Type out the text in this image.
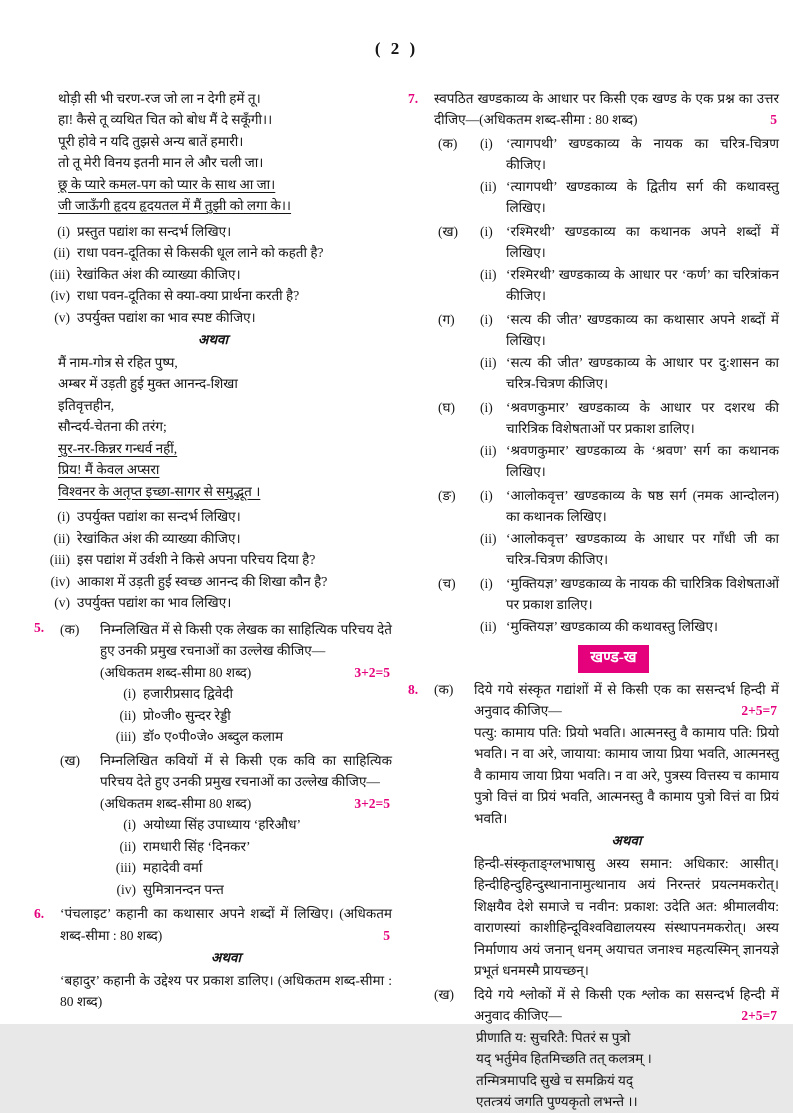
( 2 )
थोड़ी सी भी चरण-रज जो ला न देगी हमें तू।
हा! कैसे तू व्यथित चित को बोध मैं दे सकूँगी।।
पूरी होवे न यदि तुझसे अन्य बातें हमारी।
तो तू मेरी विनय इतनी मान ले और चली जा।
छू के प्यारे कमल-पग को प्यार के साथ आ जा।
जी जाऊँगी हृदय हृदयतल में मैं तुझी को लगा के।।
(i) प्रस्तुत पद्यांश का सन्दर्भ लिखिए।
(ii) राधा पवन-दूतिका से किसकी धूल लाने को कहती है?
(iii) रेखांकित अंश की व्याख्या कीजिए।
(iv) राधा पवन-दूतिका से क्या-क्या प्रार्थना करती है?
(v) उपर्युक्त पद्यांश का भाव स्पष्ट कीजिए।
अथवा
मैं नाम-गोत्र से रहित पुष्प,
अम्बर में उड़ती हुई मुक्त आनन्द-शिखा
इतिवृत्तहीन,
सौन्दर्य-चेतना की तरंग;
सुर-नर-किन्नर गन्धर्व नहीं,
प्रिय! मैं केवल अप्सरा
विश्वनर के अतृप्त इच्छा-सागर से समुद्भूत ।
(i) उपर्युक्त पद्यांश का सन्दर्भ लिखिए।
(ii) रेखांकित अंश की व्याख्या कीजिए।
(iii) इस पद्यांश में उर्वशी ने किसे अपना परिचय दिया है?
(iv) आकाश में उड़ती हुई स्वच्छ आनन्द की शिखा कौन है?
(v) उपर्युक्त पद्यांश का भाव लिखिए।
5.	(क)	निम्नलिखित में से किसी एक लेखक का साहित्यिक परिचय देते हुए उनकी प्रमुख रचनाओं का उल्लेख कीजिए—
(अधिकतम शब्द-सीमा 80 शब्द)	3+2=5
(i) हजारीप्रसाद द्विवेदी
(ii) प्रो०जी० सुन्दर रेड्डी
(iii) डॉ० ए०पी०जे० अब्दुल कलाम
(ख)	निम्नलिखित कवियों में से किसी एक कवि का साहित्यिक परिचय देते हुए उनकी प्रमुख रचनाओं का उल्लेख कीजिए—
(अधिकतम शब्द-सीमा 80 शब्द)	3+2=5
(i) अयोध्या सिंह उपाध्याय ‘हरिऔध’
(ii) रामधारी सिंह ‘दिनकर’
(iii) महादेवी वर्मा
(iv) सुमित्रानन्दन पन्त
6.	‘पंचलाइट’ कहानी का कथासार अपने शब्दों में लिखिए। (अधिकतम शब्द-सीमा : 80 शब्द)	5
अथवा
‘बहादुर’ कहानी के उद्देश्य पर प्रकाश डालिए। (अधिकतम शब्द-सीमा : 80 शब्द)
7.	स्वपठित खण्डकाव्य के आधार पर किसी एक खण्ड के एक प्रश्न का उत्तर दीजिए—(अधिकतम शब्द-सीमा : 80 शब्द)	5
(क)	(i) ‘त्यागपथी’ खण्डकाव्य के नायक का चरित्र-चित्रण कीजिए।
(ii) ‘त्यागपथी’ खण्डकाव्य के द्वितीय सर्ग की कथावस्तु लिखिए।
(ख)	(i) ‘रश्मिरथी’ खण्डकाव्य का कथानक अपने शब्दों में लिखिए।
(ii) ‘रश्मिरथी’ खण्डकाव्य के आधार पर ‘कर्ण’ का चरित्रांकन कीजिए।
(ग)	(i) ‘सत्य की जीत’ खण्डकाव्य का कथासार अपने शब्दों में लिखिए।
(ii) ‘सत्य की जीत’ खण्डकाव्य के आधार पर दु:शासन का चरित्र-चित्रण कीजिए।
(घ)	(i) ‘श्रवणकुमार’ खण्डकाव्य के आधार पर दशरथ की चारित्रिक विशेषताओं पर प्रकाश डालिए।
(ii) ‘श्रवणकुमार’ खण्डकाव्य के ‘श्रवण’ सर्ग का कथानक लिखिए।
(ङ)	(i) ‘आलोकवृत्त’ खण्डकाव्य के षष्ठ सर्ग (नमक आन्दोलन) का कथानक लिखिए।
(ii) ‘आलोकवृत्त’ खण्डकाव्य के आधार पर गाँधी जी का चरित्र-चित्रण कीजिए।
(च)	(i) ‘मुक्तियज्ञ’ खण्डकाव्य के नायक की चारित्रिक विशेषताओं पर प्रकाश डालिए।
(ii) ‘मुक्तियज्ञ’ खण्डकाव्य की कथावस्तु लिखिए।
खण्ड-ख
8.	(क)	दिये गये संस्कृत गद्यांशों में से किसी एक का ससन्दर्भ हिन्दी में अनुवाद कीजिए—	2+5=7
पत्यु: कामाय पति: प्रियो भवति। आत्मनस्तु वै कामाय पति: प्रियो भवति। न वा अरे, जायाया: कामाय जाया प्रिया भवति, आत्मनस्तु वै कामाय जाया प्रिया भवति। न वा अरे, पुत्रस्य वित्तस्य च कामाय पुत्रो वित्तं वा प्रियं भवति, आत्मनस्तु वै कामाय पुत्रो वित्तं वा प्रियं भवति।
अथवा
हिन्दी-संस्कृताङ्ग्लभाषासु अस्य समान: अधिकार: आसीत्। हिन्दीहिन्दुहिन्दुस्थानानामुत्थानाय अयं निरन्तरं प्रयत्नमकरोत्। शिक्षयैव देशे समाजे च नवीन: प्रकाश: उदेति अत: श्रीमालवीय: वाराणस्यां काशीहिन्दूविश्वविद्यालयस्य संस्थापनमकरोत्। अस्य निर्माणाय अयं जनान् धनम् अयाचत जनाश्च महत्यस्मिन् ज्ञानयज्ञे प्रभूतं धनमस्मै प्रायच्छन्।
(ख)	दिये गये श्लोकों में से किसी एक श्लोक का ससन्दर्भ हिन्दी में अनुवाद कीजिए—	2+5=7
प्रीणाति य: सुचरितै: पितरं स पुत्रो
यद् भर्तुमेव हितमिच्छति तत् कलत्रम् ।
तन्मित्रमापदि सुखे च समक्रियं यद्
एतत्त्रयं जगति पुण्यकृतो लभन्ते ।।
